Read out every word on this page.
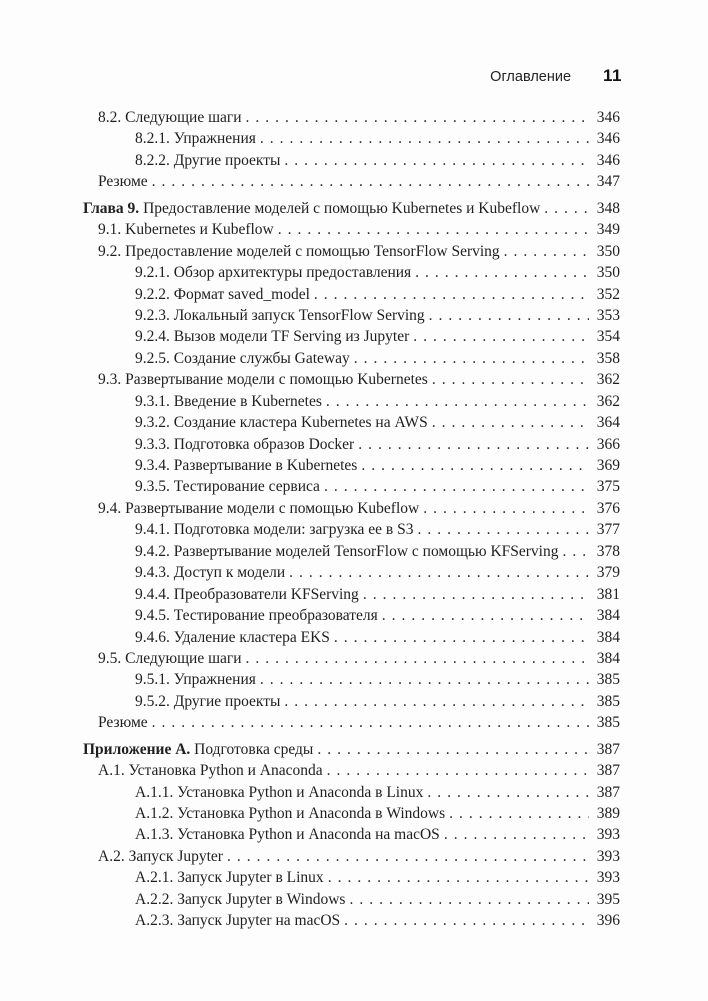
Оглавление 11
8.2. Следующие шаги .....	346
8.2.1. Упражнения .....	346
8.2.2. Другие проекты .....	346
Резюме .....	347
Глава 9. Предоставление моделей с помощью Kubernetes и Kubeflow .....	348
9.1. Kubernetes и Kubeflow .....	349
9.2. Предоставление моделей с помощью TensorFlow Serving .....	350
9.2.1. Обзор архитектуры предоставления .....	350
9.2.2. Формат saved_model .....	352
9.2.3. Локальный запуск TensorFlow Serving .....	353
9.2.4. Вызов модели TF Serving из Jupyter .....	354
9.2.5. Создание службы Gateway .....	358
9.3. Развертывание модели с помощью Kubernetes .....	362
9.3.1. Введение в Kubernetes .....	362
9.3.2. Создание кластера Kubernetes на AWS .....	364
9.3.3. Подготовка образов Docker .....	366
9.3.4. Развертывание в Kubernetes .....	369
9.3.5. Тестирование сервиса .....	375
9.4. Развертывание модели с помощью Kubeflow .....	376
9.4.1. Подготовка модели: загрузка ее в S3 .....	377
9.4.2. Развертывание моделей TensorFlow с помощью KFServing .....	378
9.4.3. Доступ к модели .....	379
9.4.4. Преобразователи KFServing .....	381
9.4.5. Тестирование преобразователя .....	384
9.4.6. Удаление кластера EKS .....	384
9.5. Следующие шаги .....	384
9.5.1. Упражнения .....	385
9.5.2. Другие проекты .....	385
Резюме .....	385
Приложение А. Подготовка среды .....	387
А.1. Установка Python и Anaconda .....	387
А.1.1. Установка Python и Anaconda в Linux .....	387
А.1.2. Установка Python и Anaconda в Windows .....	389
А.1.3. Установка Python и Anaconda на macOS .....	393
А.2. Запуск Jupyter .....	393
А.2.1. Запуск Jupyter в Linux .....	393
А.2.2. Запуск Jupyter в Windows .....	395
А.2.3. Запуск Jupyter на macOS .....	396
